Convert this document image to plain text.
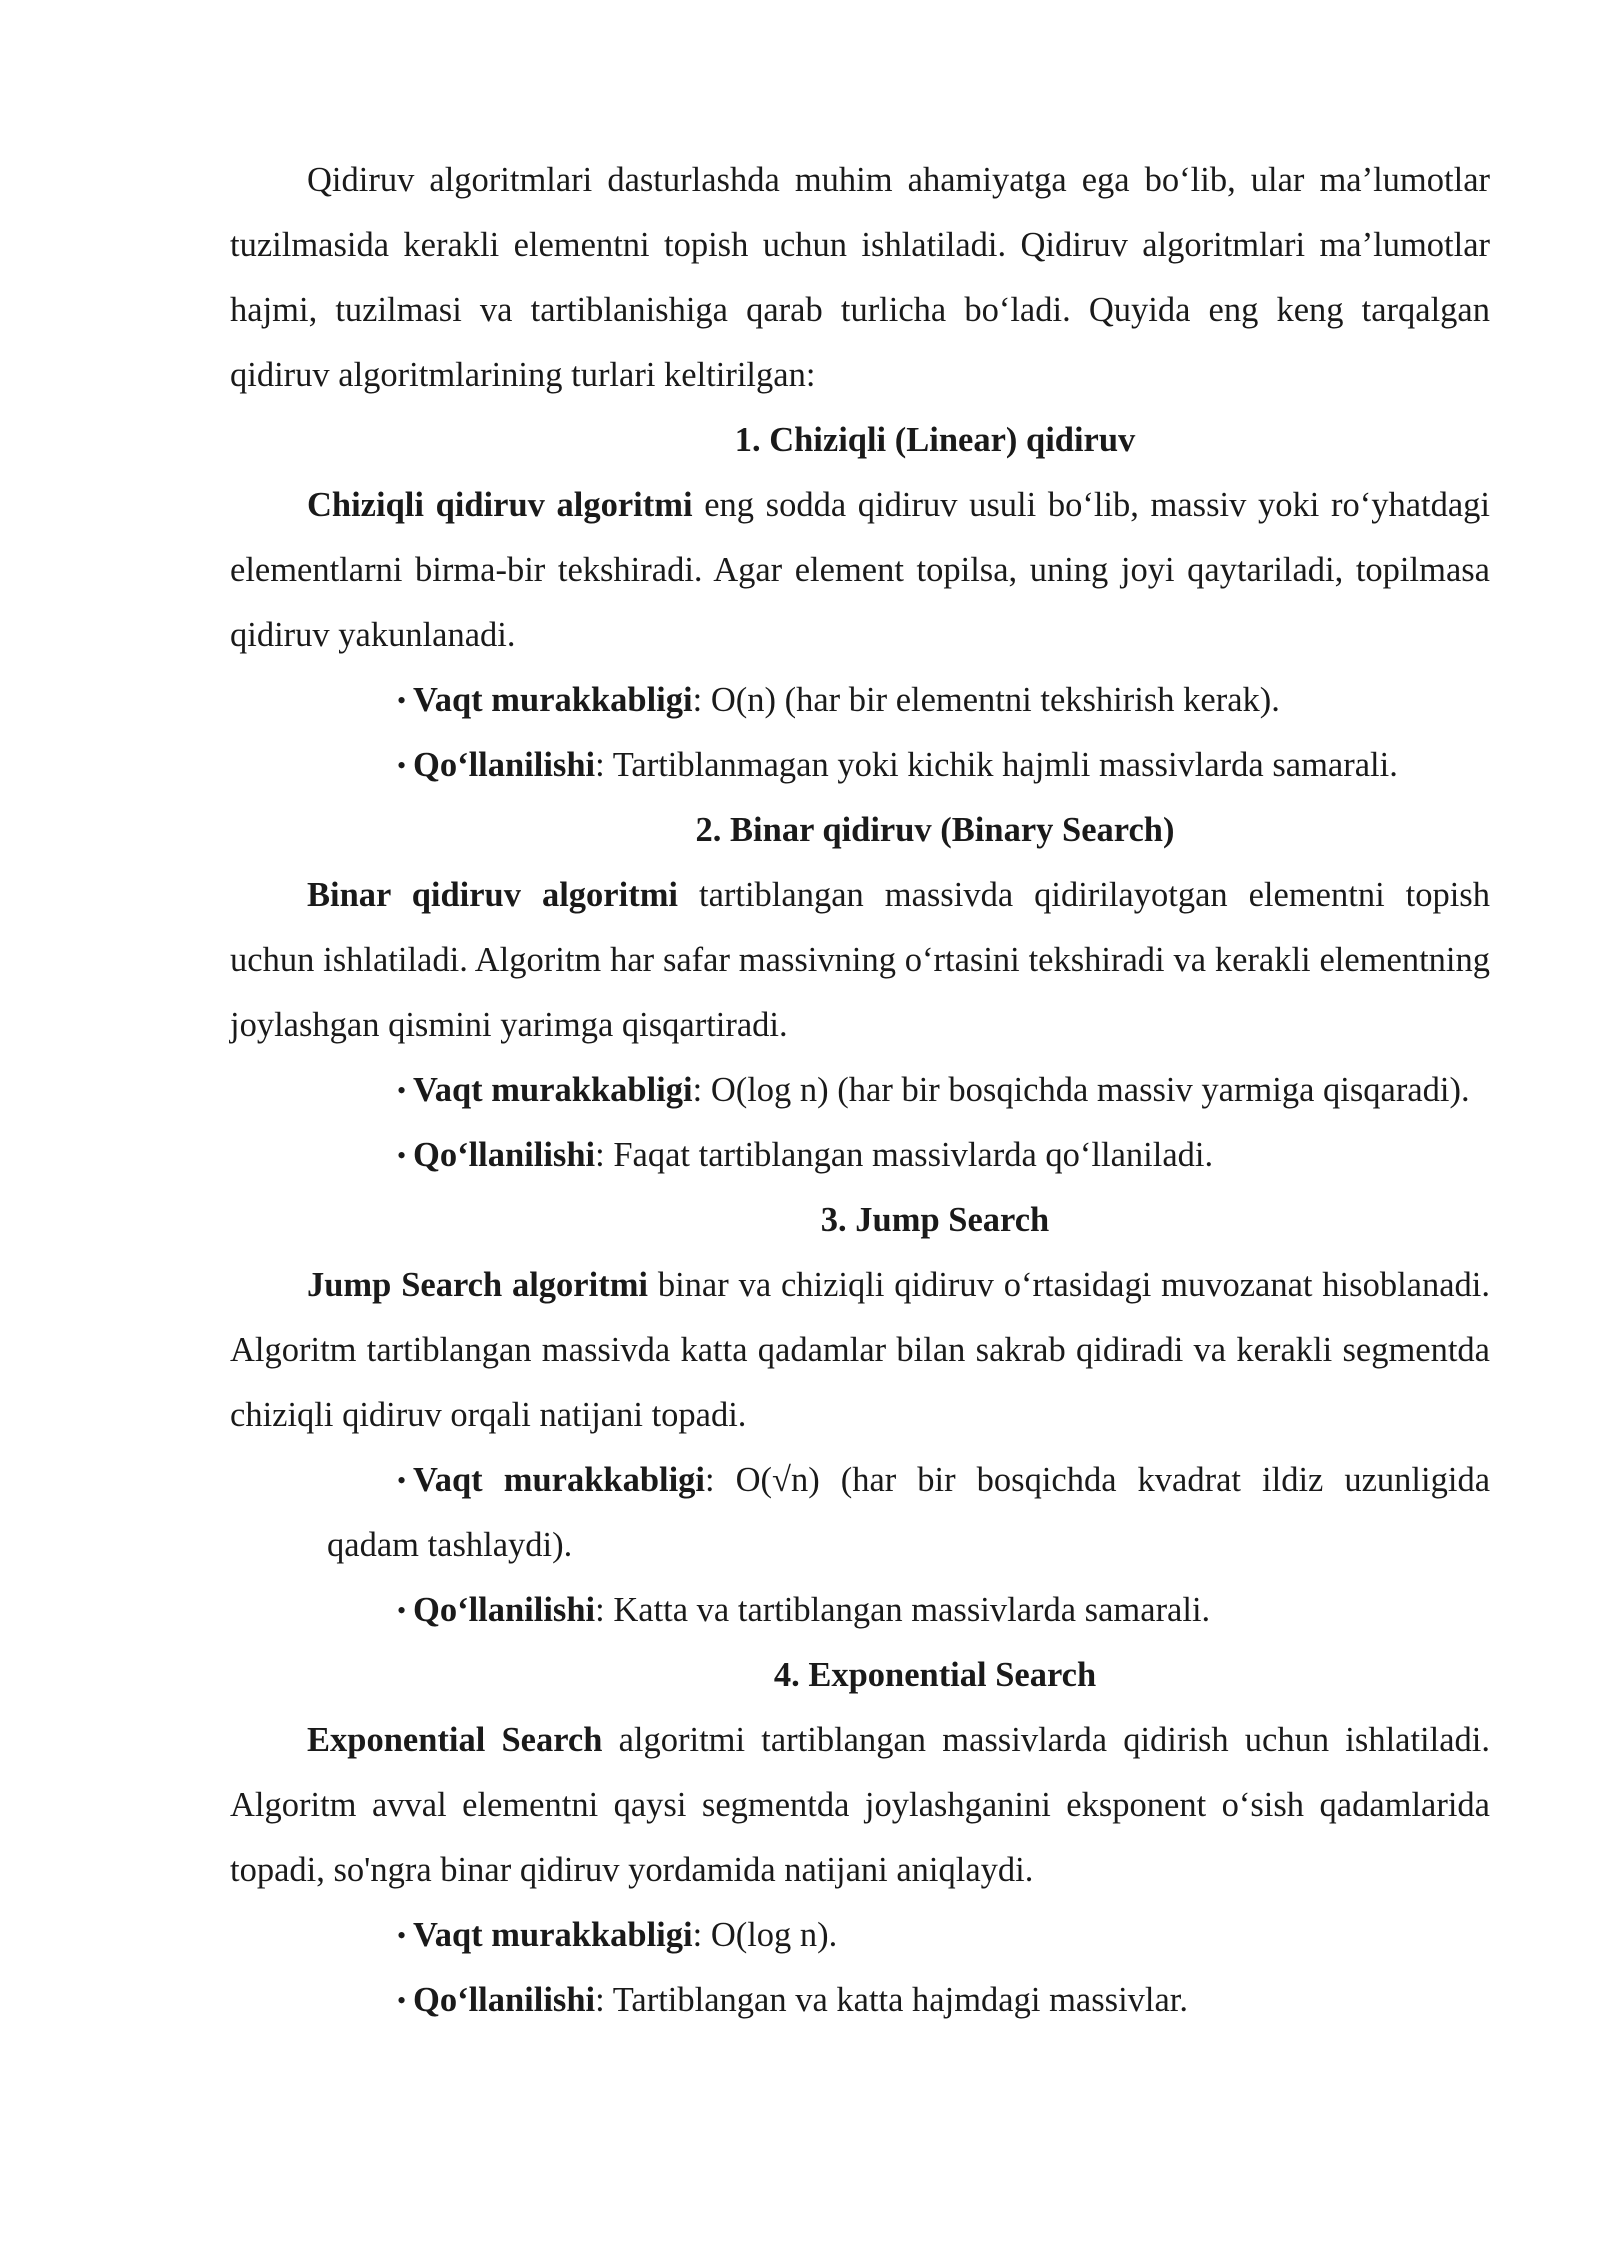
Qidiruv algoritmlari dasturlashda muhim ahamiyatga ega bo‘lib, ular ma’lumotlar tuzilmasida kerakli elementni topish uchun ishlatiladi. Qidiruv algoritmlari ma’lumotlar hajmi, tuzilmasi va tartiblanishiga qarab turlicha bo‘ladi. Quyida eng keng tarqalgan qidiruv algoritmlarining turlari keltirilgan:

1. Chiziqli (Linear) qidiruv

Chiziqli qidiruv algoritmi eng sodda qidiruv usuli bo‘lib, massiv yoki ro‘yhatdagi elementlarni birma-bir tekshiradi. Agar element topilsa, uning joyi qaytariladi, topilmasa qidiruv yakunlanadi.

• Vaqt murakkabligi: O(n) (har bir elementni tekshirish kerak).

• Qo‘llanilishi: Tartiblanmagan yoki kichik hajmli massivlarda samarali.

2. Binar qidiruv (Binary Search)

Binar qidiruv algoritmi tartiblangan massivda qidirilayotgan elementni topish uchun ishlatiladi. Algoritm har safar massivning o‘rtasini tekshiradi va kerakli elementning joylashgan qismini yarimga qisqartiradi.

• Vaqt murakkabligi: O(log n) (har bir bosqichda massiv yarmiga qisqaradi).

• Qo‘llanilishi: Faqat tartiblangan massivlarda qo‘llaniladi.

3. Jump Search

Jump Search algoritmi binar va chiziqli qidiruv o‘rtasidagi muvozanat hisoblanadi. Algoritm tartiblangan massivda katta qadamlar bilan sakrab qidiradi va kerakli segmentda chiziqli qidiruv orqali natijani topadi.

• Vaqt murakkabligi: O(√n) (har bir bosqichda kvadrat ildiz uzunligida qadam tashlaydi).

• Qo‘llanilishi: Katta va tartiblangan massivlarda samarali.

4. Exponential Search

Exponential Search algoritmi tartiblangan massivlarda qidirish uchun ishlatiladi. Algoritm avval elementni qaysi segmentda joylashganini eksponent o‘sish qadamlarida topadi, so'ngra binar qidiruv yordamida natijani aniqlaydi.

• Vaqt murakkabligi: O(log n).

• Qo‘llanilishi: Tartiblangan va katta hajmdagi massivlar.
